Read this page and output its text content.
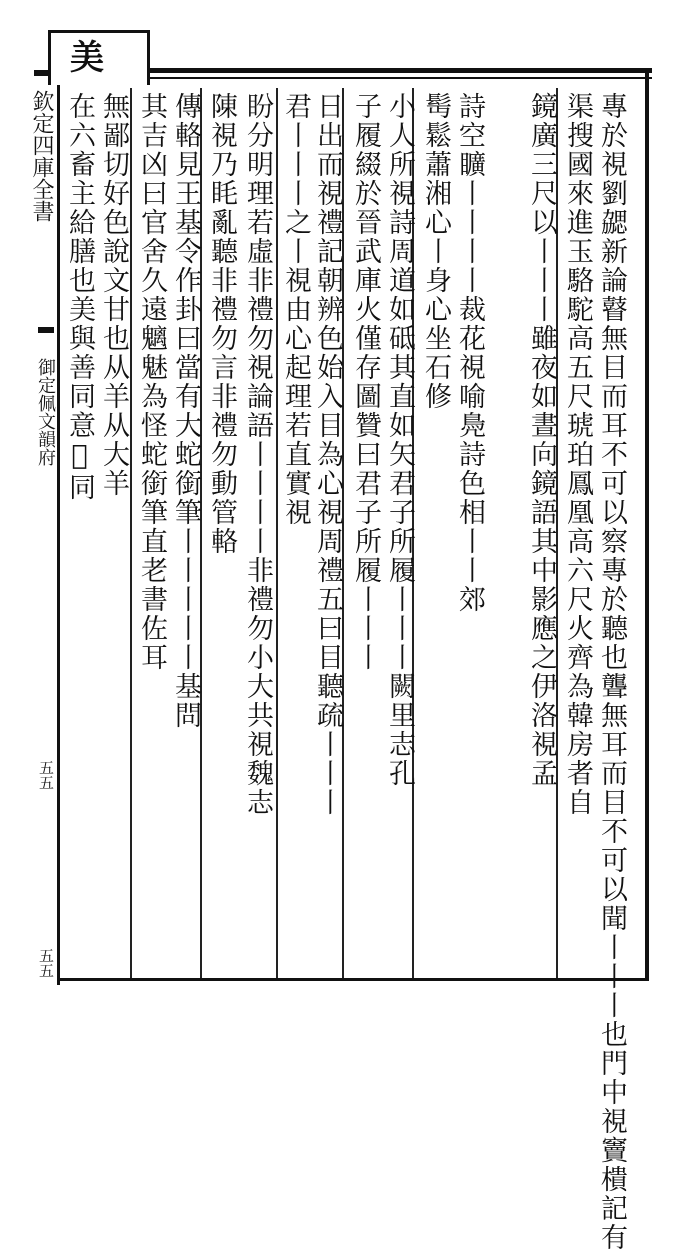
美
欽定四庫全書
御定佩文韻府
五五
五五	專於視劉勰新論瞽無目而耳不可以察專於聽也聾無耳而目不可以聞丨丨丨也門中視竇樻記有
渠搜國來進玉駱駝高五尺琥珀鳳凰高六尺火齊為韓房者自
鏡廣三尺以丨丨丨雖夜如晝向鏡語其中影應之伊洛視孟
詩空矌丨丨丨丨裁花視喻鳧詩色相丨丨郊
髩鬆蕭湘心丨身心坐石修
小人所視詩周道如砥其直如矢君子所履丨丨丨闕里志孔
子履綴於晉武庫火僅存圖贊曰君子所履丨丨丨
日出而視禮記朝辨色始入目為心視周禮五曰目聽疏丨丨丨
君丨丨丨之丨視由心起理若直實視
盼分明理若虛非禮勿視論語丨丨丨丨非禮勿小大共視魏志
陳視乃眊亂聽非禮勿言非禮勿動管輅
傳輅見王基令作卦曰當有大蛇銜筆丨丨丨丨丨基問
其吉凶曰官舍久遠魑魅為怪蛇銜筆直老書佐耳
無鄙切好色說文甘也从羊从大羊
在六畜主給膳也美與善同意𡉉同
